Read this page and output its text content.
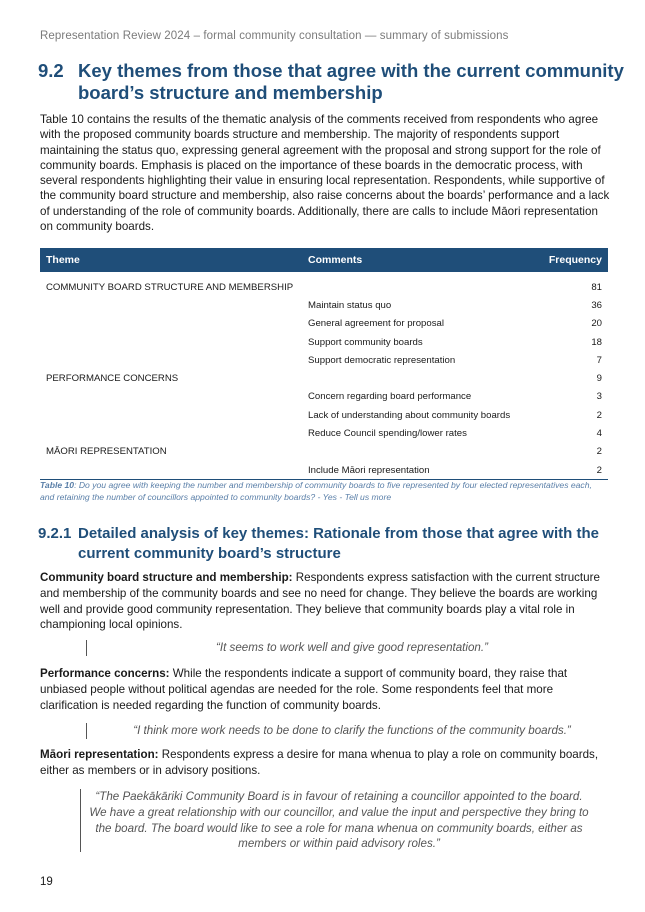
Representation Review 2024 – formal community consultation — summary of submissions
9.2 Key themes from those that agree with the current community
board’s structure and membership

Table 10 contains the results of the thematic analysis of the comments received from respondents who agree with the proposed community boards structure and membership. The majority of respondents support maintaining the status quo, expressing general agreement with the proposal and strong support for the role of community boards. Emphasis is placed on the importance of these boards in the democratic process, with several respondents highlighting their value in ensuring local representation. Respondents, while supportive of the community board structure and membership, also raise concerns about the boards’ performance and a lack of understanding of the role of community boards. Additionally, there are calls to include Māori representation on community boards.

Theme	Comments	Frequency
COMMUNITY BOARD STRUCTURE AND MEMBERSHIP		81
	Maintain status quo	36
	General agreement for proposal	20
	Support community boards	18
	Support democratic representation	7
PERFORMANCE CONCERNS		9
	Concern regarding board performance	3
	Lack of understanding about community boards	2
	Reduce Council spending/lower rates	4
MĀORI REPRESENTATION		2
	Include Māori representation	2

Table 10: Do you agree with keeping the number and membership of community boards to five represented by four elected representatives each, and retaining the number of councillors appointed to community boards? - Yes - Tell us more

9.2.1 Detailed analysis of key themes: Rationale from those that agree with the
current community board’s structure

Community board structure and membership: Respondents express satisfaction with the current structure and membership of the community boards and see no need for change. They believe the boards are working well and provide good community representation. They believe that community boards play a vital role in championing local opinions.

“It seems to work well and give good representation.”

Performance concerns: While the respondents indicate a support of community board, they raise that unbiased people without political agendas are needed for the role. Some respondents feel that more clarification is needed regarding the function of community boards.

“I think more work needs to be done to clarify the functions of the community boards.”

Māori representation: Respondents express a desire for mana whenua to play a role on community boards, either as members or in advisory positions.

“The Paekākāriki Community Board is in favour of retaining a councillor appointed to the board. We have a great relationship with our councillor, and value the input and perspective they bring to the board. The board would like to see a role for mana whenua on community boards, either as members or within paid advisory roles.”

19
